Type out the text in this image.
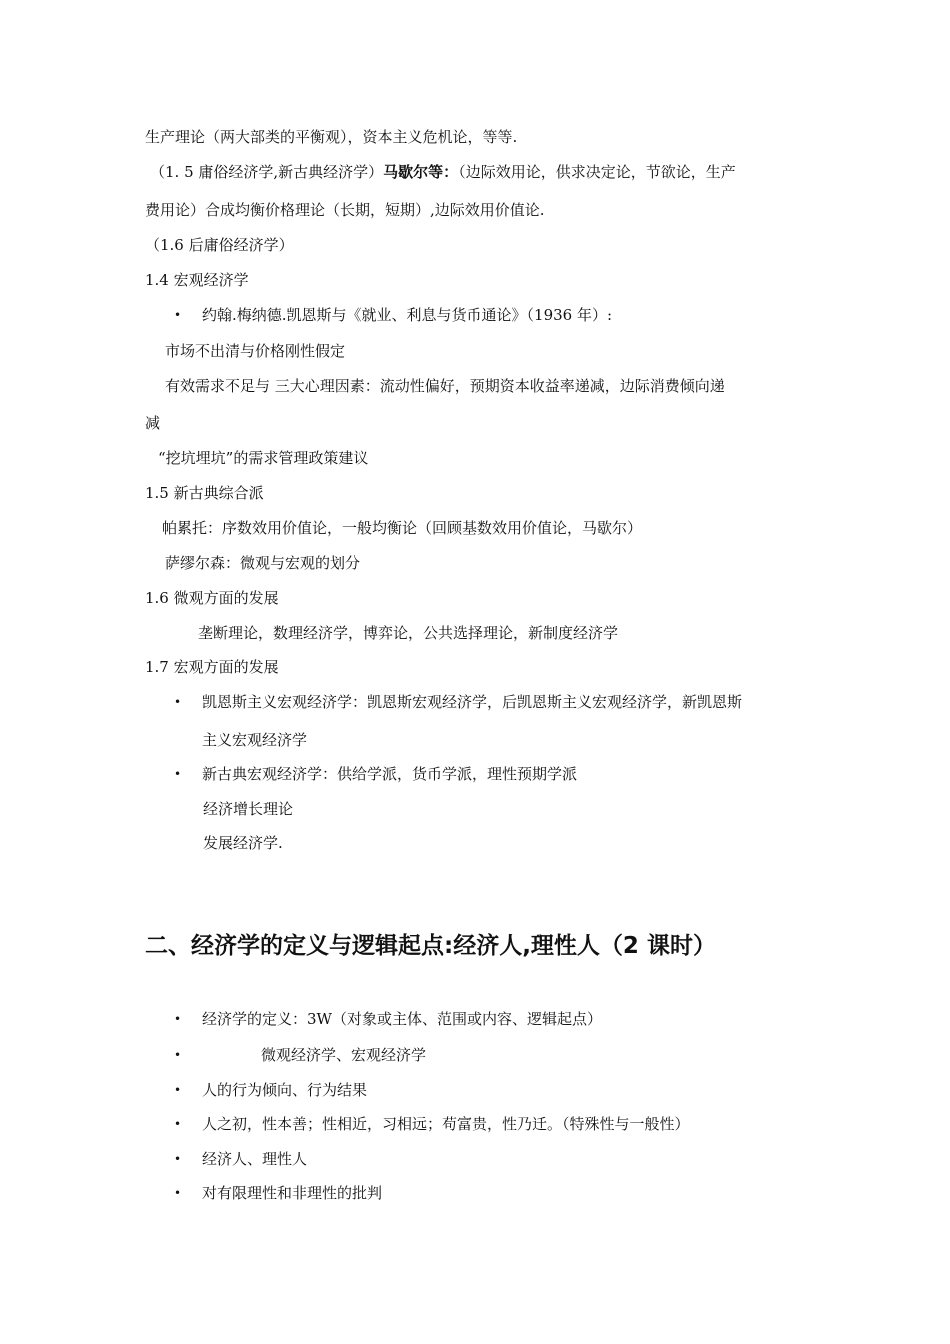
生产理论（两大部类的平衡观），资本主义危机论，等等.
（1. 5 庸俗经济学,新古典经济学）马歇尔等：（边际效用论，供求决定论，节欲论，生产
费用论）合成均衡价格理论（长期，短期）,边际效用价值论.
（1.6 后庸俗经济学）
1.4 宏观经济学
• 约翰.梅纳德.凯恩斯与《就业、利息与货币通论》（1936 年）:
市场不出清与价格刚性假定
有效需求不足与 三大心理因素：流动性偏好，预期资本收益率递减，边际消费倾向递
减
“挖坑埋坑”的需求管理政策建议
1.5 新古典综合派
帕累托：序数效用价值论，一般均衡论（回顾基数效用价值论，马歇尔）
萨缪尔森：微观与宏观的划分
1.6 微观方面的发展
垄断理论，数理经济学，博弈论，公共选择理论，新制度经济学
1.7 宏观方面的发展
• 凯恩斯主义宏观经济学：凯恩斯宏观经济学，后凯恩斯主义宏观经济学，新凯恩斯
主义宏观经济学
• 新古典宏观经济学：供给学派，货币学派，理性预期学派
经济增长理论
发展经济学.
二、经济学的定义与逻辑起点:经济人,理性人（2 课时）
• 经济学的定义：3W（对象或主体、范围或内容、逻辑起点）
•	微观经济学、宏观经济学
• 人的行为倾向、行为结果
• 人之初，性本善；性相近，习相远；苟富贵，性乃迁。（特殊性与一般性）
• 经济人、理性人
• 对有限理性和非理性的批判
